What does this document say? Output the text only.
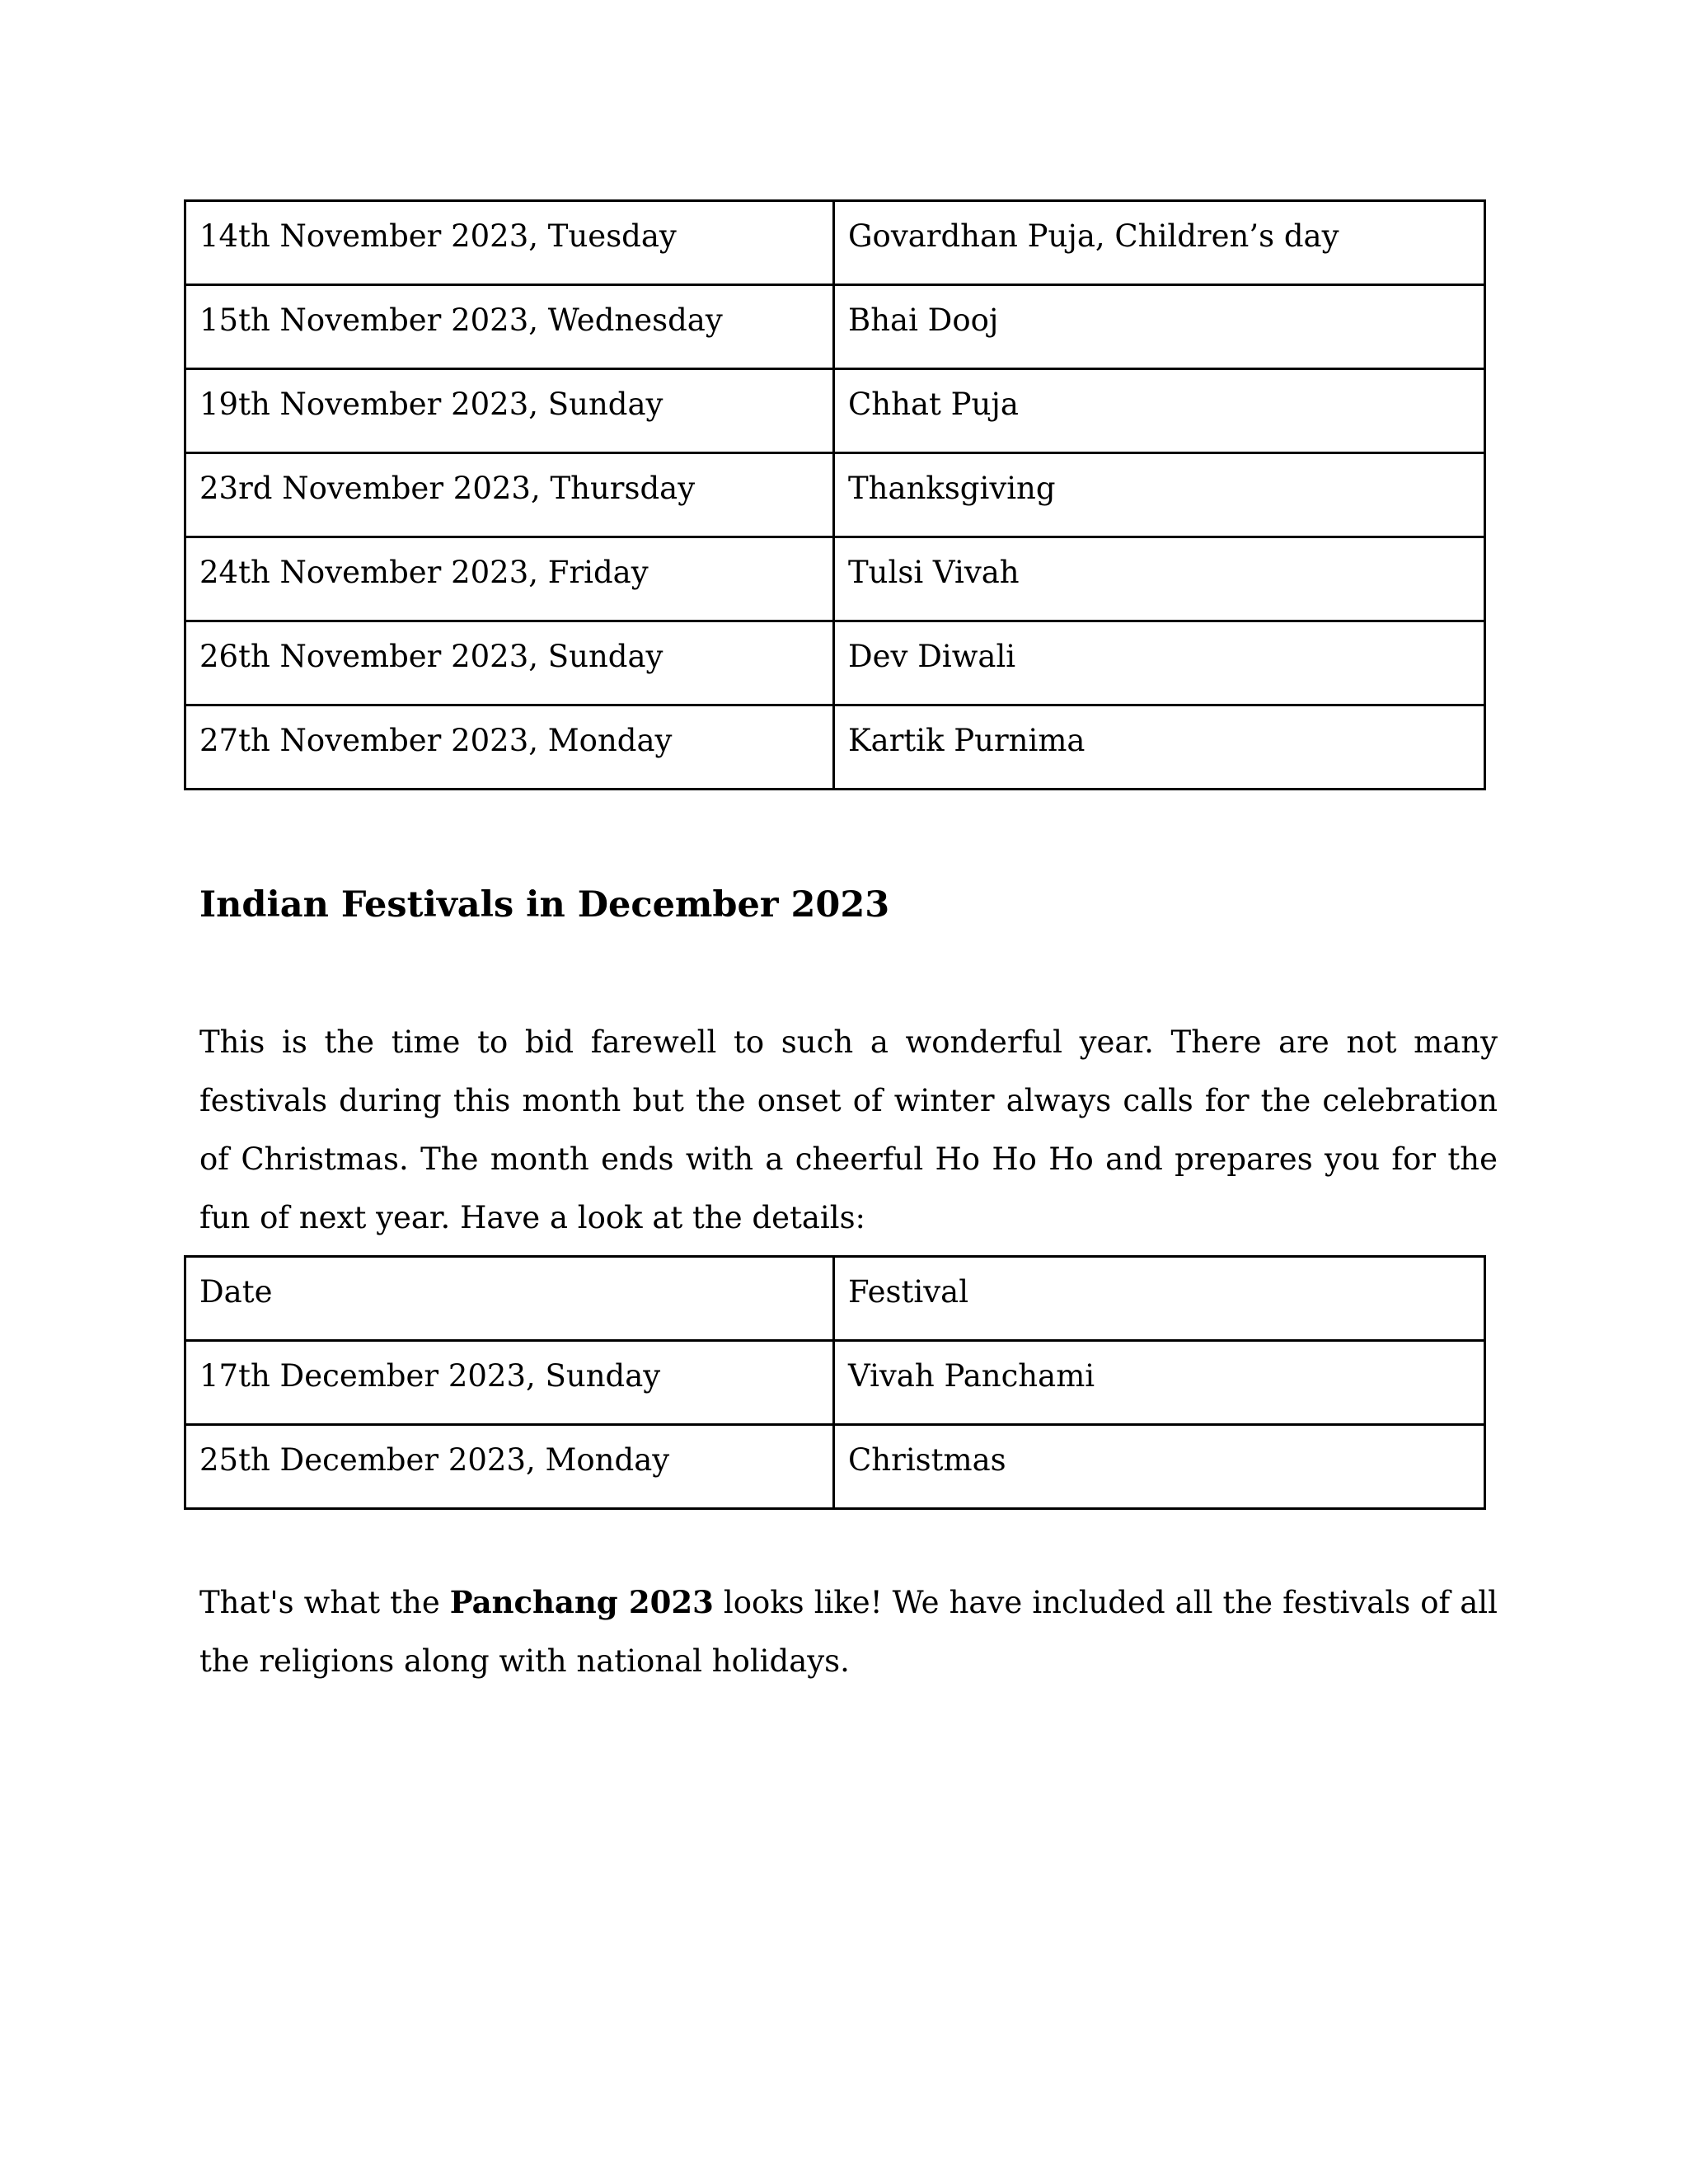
14th November 2023, Tuesday	Govardhan Puja, Children’s day
15th November 2023, Wednesday	Bhai Dooj
19th November 2023, Sunday	Chhat Puja
23rd November 2023, Thursday	Thanksgiving
24th November 2023, Friday	Tulsi Vivah
26th November 2023, Sunday	Dev Diwali
27th November 2023, Monday	Kartik Purnima
Indian Festivals in December 2023

This is the time to bid farewell to such a wonderful year. There are not many festivals during this month but the onset of winter always calls for the celebration of Christmas. The month ends with a cheerful Ho Ho Ho and prepares you for the fun of next year. Have a look at the details:

Date	Festival
17th December 2023, Sunday	Vivah Panchami
25th December 2023, Monday	Christmas

That's what the Panchang 2023 looks like! We have included all the festivals of all the religions along with national holidays.
